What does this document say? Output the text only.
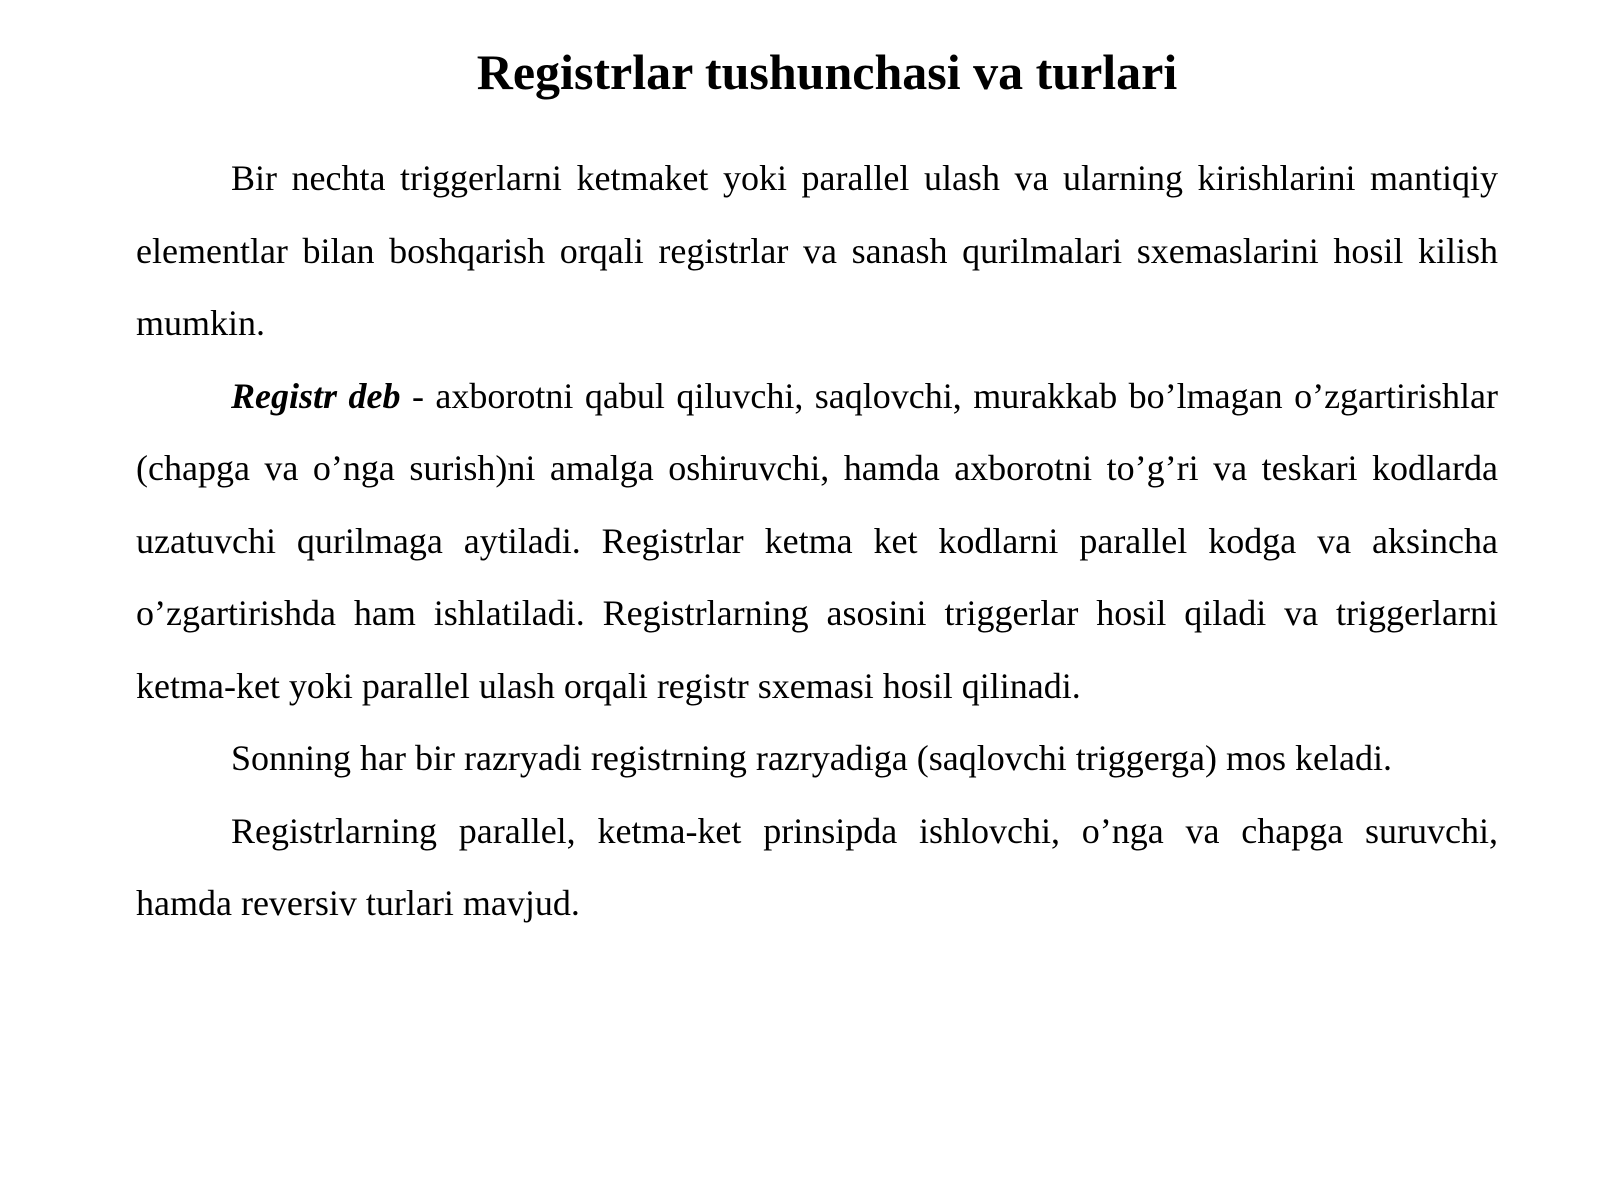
Registrlar tushunchasi va turlari

Bir nechta triggerlarni ketmaket yoki parallel ulash va ularning kirishlarini mantiqiy elementlar bilan boshqarish orqali registrlar va sanash qurilmalari sxemaslarini hosil kilish mumkin.

Registr deb - axborotni qabul qiluvchi, saqlovchi, murakkab bo’lmagan o’zgartirishlar (chapga va o’nga surish)ni amalga oshiruvchi, hamda axborotni to’g’ri va teskari kodlarda uzatuvchi qurilmaga aytiladi. Registrlar ketma ket kodlarni parallel kodga va aksincha o’zgartirishda ham ishlatiladi. Registrlarning asosini triggerlar hosil qiladi va triggerlarni ketma-ket yoki parallel ulash orqali registr sxemasi hosil qilinadi.

Sonning har bir razryadi registrning razryadiga (saqlovchi triggerga) mos keladi.

Registrlarning parallel, ketma-ket prinsipda ishlovchi, o’nga va chapga suruvchi, hamda reversiv turlari mavjud.
